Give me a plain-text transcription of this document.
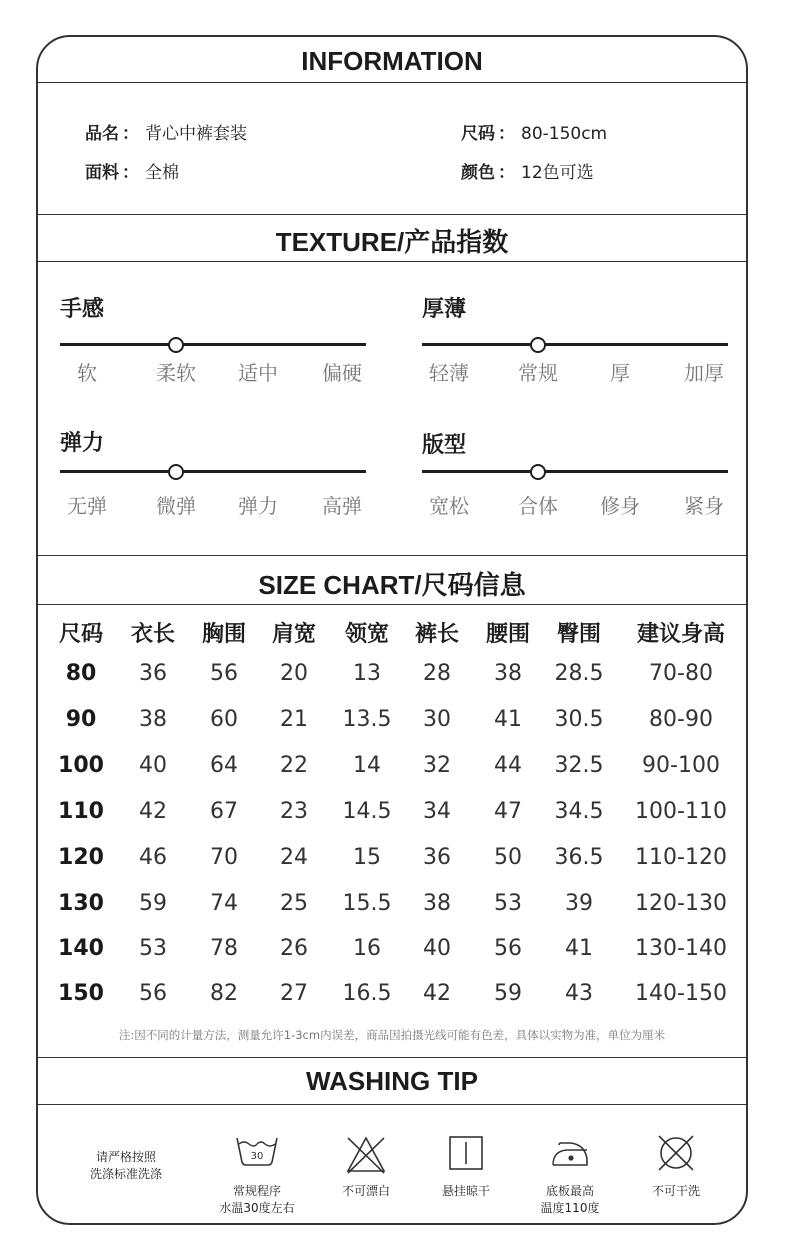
INFORMATION
品名 ： 背心中裤套装	尺码 ： 80-150cm
面料 ： 全棉	颜色 ： 12色可选
TEXTURE/产品指数
手感
软	柔软 适中 偏硬
厚薄
轻薄 常规	厚	加厚
弹力
无弹 微弹 弹力 高弹
版型
宽松 合体 修身 紧身
SIZE CHART/尺码信息
尺码 衣长 胸围 肩宽 领宽 裤长 腰围 臀围 建议身高
80 36 56 20 13 28 38 28.5 70-80
90 38 60 21 13.5 30 41 30.5 80-90
100 40 64 22 14 32 44 32.5 90-100
110 42 67 23 14.5 34 47 34.5 100-110
120 46 70 24 15 36 50 36.5 110-120
130 59 74 25 15.5 38 53 39 120-130
140 53 78 26 16 40 56 41 130-140
150 56 82 27 16.5 42 59 43 140-150
注:因不同的计量方法，测量允许1-3cm内误差，商品因拍摄光线可能有色差，具体以实物为准，单位为厘米
WASHING TIP
请严格按照
洗涤标准洗涤
30
常规程序
水温30度左右
不可漂白	悬挂晾干	底板最高
温度110度
不可干洗
